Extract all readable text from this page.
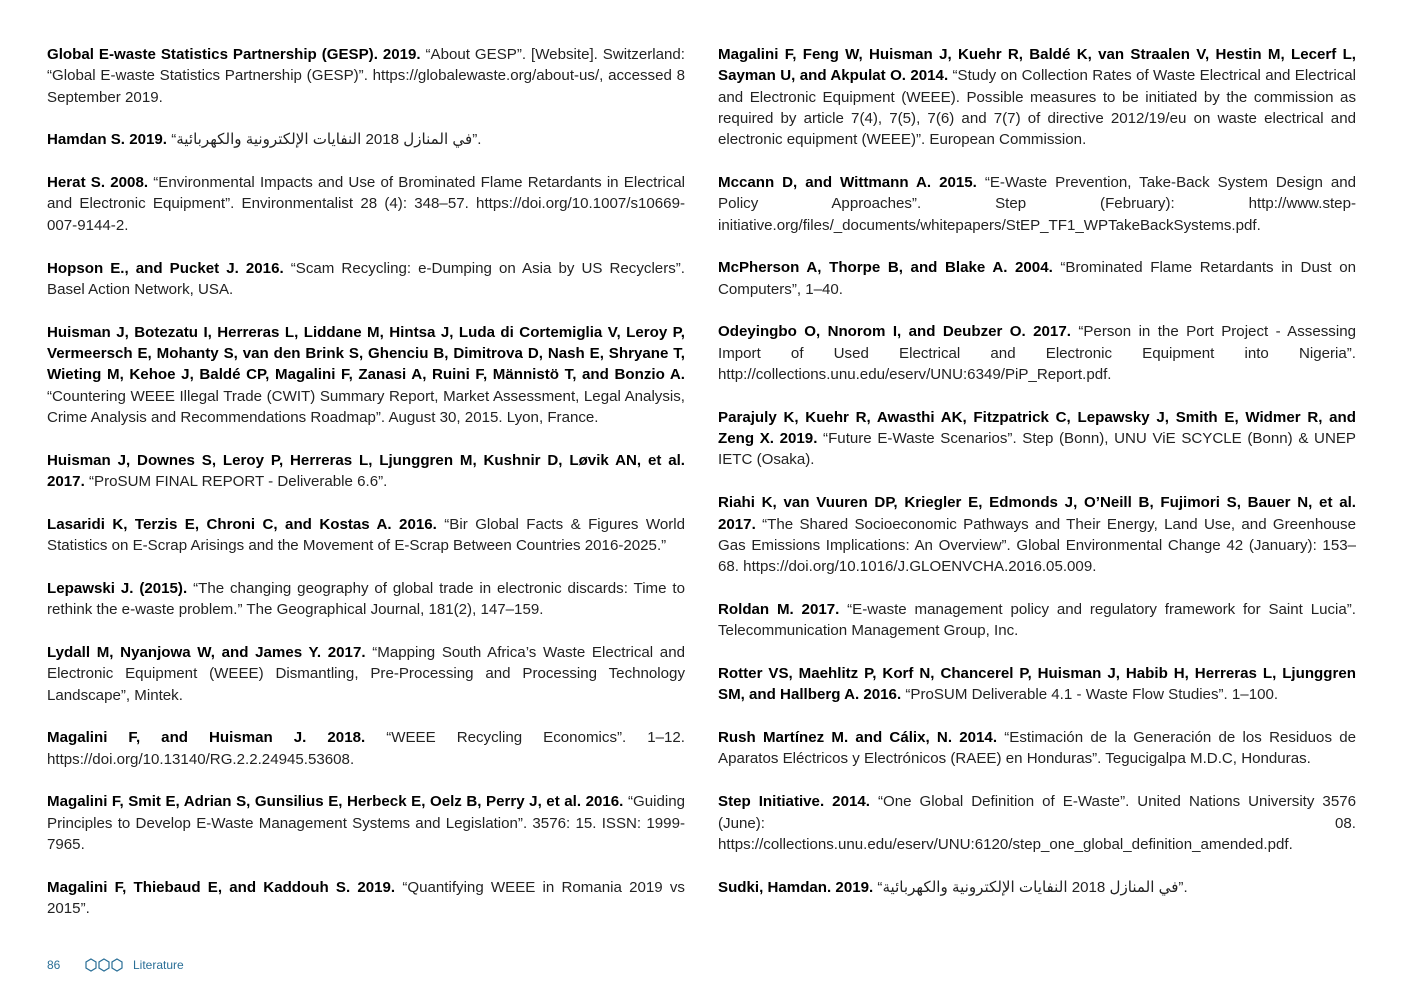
Global E-waste Statistics Partnership (GESP). 2019. “About GESP”. [Website]. Switzerland: “Global E-waste Statistics Partnership (GESP)”. https://globalewaste.org/about-us/, accessed 8 September 2019.

Hamdan S. 2019. “في المنازل 2018 النفايات الإلكترونية والكهربائية”.

Herat S. 2008. “Environmental Impacts and Use of Brominated Flame Retardants in Electrical and Electronic Equipment”. Environmentalist 28 (4): 348–57. https://doi.org/10.1007/s10669-007-9144-2.

Hopson E., and Pucket J. 2016. “Scam Recycling: e-Dumping on Asia by US Recyclers”. Basel Action Network, USA.

Huisman J, Botezatu I, Herreras L, Liddane M, Hintsa J, Luda di Cortemiglia V, Leroy P, Vermeersch E, Mohanty S, van den Brink S, Ghenciu B, Dimitrova D, Nash E, Shryane T, Wieting M, Kehoe J, Baldé CP, Magalini F, Zanasi A, Ruini F, Männistö T, and Bonzio A. “Countering WEEE Illegal Trade (CWIT) Summary Report, Market Assessment, Legal Analysis, Crime Analysis and Recommendations Roadmap”. August 30, 2015. Lyon, France.

Huisman J, Downes S, Leroy P, Herreras L, Ljunggren M, Kushnir D, Løvik AN, et al. 2017. “ProSUM FINAL REPORT - Deliverable 6.6”.

Lasaridi K, Terzis E, Chroni C, and Kostas A. 2016. “Bir Global Facts & Figures World Statistics on E-Scrap Arisings and the Movement of E-Scrap Between Countries 2016-2025.”

Lepawski J. (2015). “The changing geography of global trade in electronic discards: Time to rethink the e-waste problem.” The Geographical Journal, 181(2), 147–159.

Lydall M, Nyanjowa W, and James Y. 2017. “Mapping South Africa’s Waste Electrical and Electronic Equipment (WEEE) Dismantling, Pre-Processing and Processing Technology Landscape”, Mintek.

Magalini F, and Huisman J. 2018. “WEEE Recycling Economics”. 1–12. https://doi.org/10.13140/RG.2.2.24945.53608.

Magalini F, Smit E, Adrian S, Gunsilius E, Herbeck E, Oelz B, Perry J, et al. 2016. “Guiding Principles to Develop E-Waste Management Systems and Legislation”. 3576: 15. ISSN: 1999-7965.

Magalini F, Thiebaud E, and Kaddouh S. 2019. “Quantifying WEEE in Romania 2019 vs 2015”.

Magalini F, Feng W, Huisman J, Kuehr R, Baldé K, van Straalen V, Hestin M, Lecerf L, Sayman U, and Akpulat O. 2014. “Study on Collection Rates of Waste Electrical and Electrical and Electronic Equipment (WEEE). Possible measures to be initiated by the commission as required by article 7(4), 7(5), 7(6) and 7(7) of directive 2012/19/eu on waste electrical and electronic equipment (WEEE)”. European Commission.

Mccann D, and Wittmann A. 2015. “E-Waste Prevention, Take-Back System Design and Policy Approaches”. Step (February): http://www.step-initiative.org/files/_documents/whitepapers/StEP_TF1_WPTakeBackSystems.pdf.

McPherson A, Thorpe B, and Blake A. 2004. “Brominated Flame Retardants in Dust on Computers”, 1–40.

Odeyingbo O, Nnorom I, and Deubzer O. 2017. “Person in the Port Project - Assessing Import of Used Electrical and Electronic Equipment into Nigeria”. http://collections.unu.edu/eserv/UNU:6349/PiP_Report.pdf.

Parajuly K, Kuehr R, Awasthi AK, Fitzpatrick C, Lepawsky J, Smith E, Widmer R, and Zeng X. 2019. “Future E-Waste Scenarios”. Step (Bonn), UNU ViE SCYCLE (Bonn) & UNEP IETC (Osaka).

Riahi K, van Vuuren DP, Kriegler E, Edmonds J, O’Neill B, Fujimori S, Bauer N, et al. 2017. “The Shared Socioeconomic Pathways and Their Energy, Land Use, and Greenhouse Gas Emissions Implications: An Overview”. Global Environmental Change 42 (January): 153–68. https://doi.org/10.1016/J.GLOENVCHA.2016.05.009.

Roldan M. 2017. “E-waste management policy and regulatory framework for Saint Lucia”. Telecommunication Management Group, Inc.

Rotter VS, Maehlitz P, Korf N, Chancerel P, Huisman J, Habib H, Herreras L, Ljunggren SM, and Hallberg A. 2016. “ProSUM Deliverable 4.1 - Waste Flow Studies”. 1–100.

Rush Martínez M. and Cálix, N. 2014. “Estimación de la Generación de los Residuos de Aparatos Eléctricos y Electrónicos (RAEE) en Honduras”. Tegucigalpa M.D.C, Honduras.

Step Initiative. 2014. “One Global Definition of E-Waste”. United Nations University 3576 (June): 08. https://collections.unu.edu/eserv/UNU:6120/step_one_global_definition_amended.pdf.

Sudki, Hamdan. 2019. “في المنازل 2018 النفايات الإلكترونية والكهربائية”.

86	Literature
